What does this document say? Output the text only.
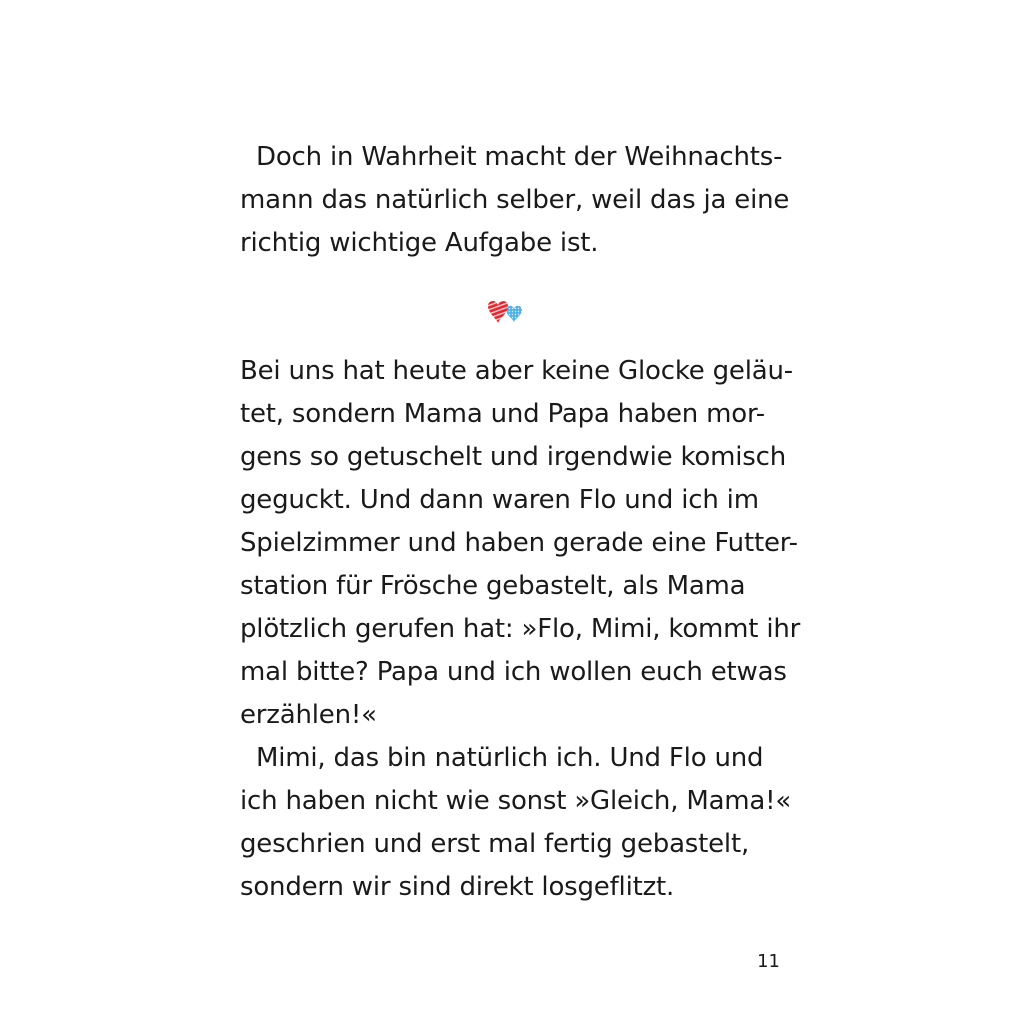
Doch in Wahrheit macht der Weihnachts-
mann das natürlich selber, weil das ja eine
richtig wichtige Aufgabe ist.
Bei uns hat heute aber keine Glocke geläu-
tet, sondern Mama und Papa haben mor-
gens so getuschelt und irgendwie komisch
geguckt. Und dann waren Flo und ich im
Spielzimmer und haben gerade eine Futter-
station für Frösche gebastelt, als Mama
plötzlich gerufen hat: »Flo, Mimi, kommt ihr
mal bitte? Papa und ich wollen euch etwas
erzählen!«
Mimi, das bin natürlich ich. Und Flo und
ich haben nicht wie sonst »Gleich, Mama!«
geschrien und erst mal fertig gebastelt,
sondern wir sind direkt losgeflitzt.
11
